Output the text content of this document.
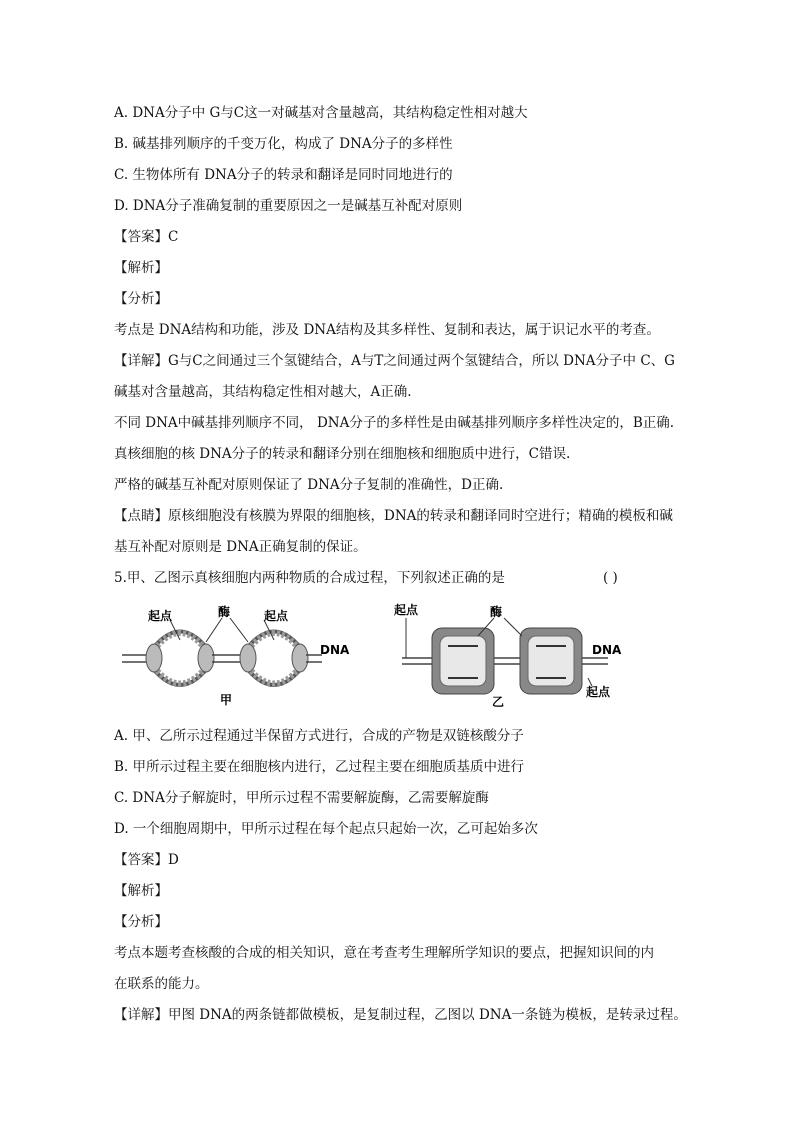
A. DNA分子中 G与C这一对碱基对含量越高，其结构稳定性相对越大
B. 碱基排列顺序的千变万化，构成了 DNA分子的多样性
C. 生物体所有 DNA分子的转录和翻译是同时同地进行的
D. DNA分子准确复制的重要原因之一是碱基互补配对原则
【答案】C
【解析】
【分析】
考点是 DNA结构和功能，涉及 DNA结构及其多样性、复制和表达，属于识记水平的考查。
【详解】G与C之间通过三个氢键结合，A与T之间通过两个氢键结合，所以 DNA分子中 C、G
碱基对含量越高，其结构稳定性相对越大，A正确.
不同 DNA中碱基排列顺序不同， DNA分子的多样性是由碱基排列顺序多样性决定的，B正确.
真核细胞的核 DNA分子的转录和翻译分别在细胞核和细胞质中进行，C错误.
严格的碱基互补配对原则保证了 DNA分子复制的准确性，D正确.
【点睛】原核细胞没有核膜为界限的细胞核，DNA的转录和翻译同时空进行；精确的模板和碱
基互补配对原则是 DNA正确复制的保证。
5.甲、乙图示真核细胞内两种物质的合成过程，下列叙述正确的是	( )
起点	起点
酶
DNA
甲
起点	酶
DNA
起点
乙
A. 甲、乙所示过程通过半保留方式进行，合成的产物是双链核酸分子
B. 甲所示过程主要在细胞核内进行，乙过程主要在细胞质基质中进行
C. DNA分子解旋时，甲所示过程不需要解旋酶，乙需要解旋酶
D. 一个细胞周期中，甲所示过程在每个起点只起始一次，乙可起始多次
【答案】D
【解析】
【分析】
考点本题考查核酸的合成的相关知识，意在考查考生理解所学知识的要点，把握知识间的内
在联系的能力。
【详解】甲图 DNA的两条链都做模板，是复制过程，乙图以 DNA一条链为模板，是转录过程。
